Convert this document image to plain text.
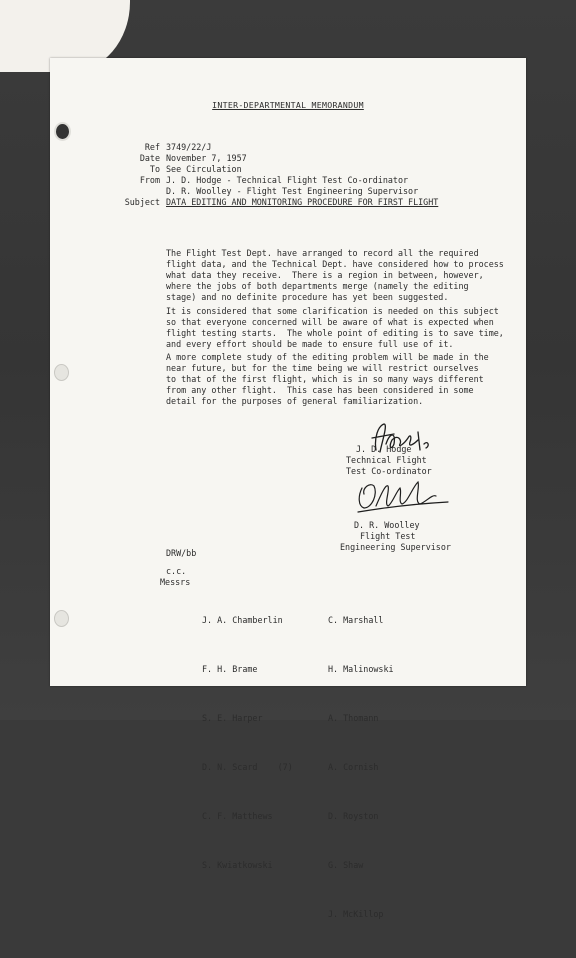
INTER-DEPARTMENTAL MEMORANDUM
Ref 3749/22/J
Date November 7, 1957
To See Circulation
From J. D. Hodge - Technical Flight Test Co-ordinator
D. R. Woolley - Flight Test Engineering Supervisor
Subject DATA EDITING AND MONITORING PROCEDURE FOR FIRST FLIGHT
The Flight Test Dept. have arranged to record all the required
flight data, and the Technical Dept. have considered how to process
what data they receive.  There is a region in between, however,
where the jobs of both departments merge (namely the editing
stage) and no definite procedure has yet been suggested.
It is considered that some clarification is needed on this subject
so that everyone concerned will be aware of what is expected when
flight testing starts.  The whole point of editing is to save time,
and every effort should be made to ensure full use of it.
A more complete study of the editing problem will be made in the
near future, but for the time being we will restrict ourselves
to that of the first flight, which is in so many ways different
from any other flight.  This case has been considered in some
detail for the purposes of general familiarization.
J. D. Hodge
Technical Flight
Test Co-ordinator
D. R. Woolley
Flight Test
Engineering Supervisor
DRW/bb
c.c.
Messrs

J. A. Chamberlin

F. H. Brame

S. E. Harper

D. N. Scard    (7)

C. F. Matthews

S. Kwiatkowski

C. Marshall

H. Malinowski

A. Thomann

A. Cornish

D. Royston

G. Shaw

J. McKillop
